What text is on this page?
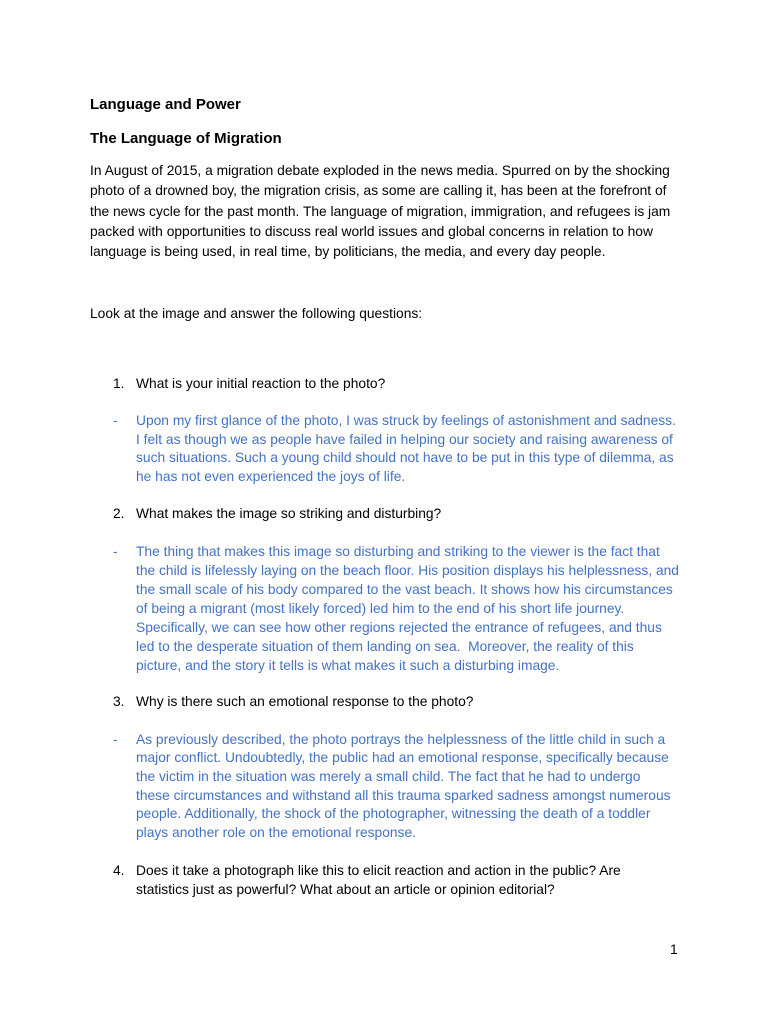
Language and Power
The Language of Migration
In August of 2015, a migration debate exploded in the news media. Spurred on by the shocking
photo of a drowned boy, the migration crisis, as some are calling it, has been at the forefront of
the news cycle for the past month. The language of migration, immigration, and refugees is jam
packed with opportunities to discuss real world issues and global concerns in relation to how
language is being used, in real time, by politicians, the media, and every day people.
Look at the image and answer the following questions:
1. What is your initial reaction to the photo?
- Upon my first glance of the photo, I was struck by feelings of astonishment and sadness.
I felt as though we as people have failed in helping our society and raising awareness of
such situations. Such a young child should not have to be put in this type of dilemma, as
he has not even experienced the joys of life.
2. What makes the image so striking and disturbing?
- The thing that makes this image so disturbing and striking to the viewer is the fact that
the child is lifelessly laying on the beach floor. His position displays his helplessness, and
the small scale of his body compared to the vast beach. It shows how his circumstances
of being a migrant (most likely forced) led him to the end of his short life journey.
Specifically, we can see how other regions rejected the entrance of refugees, and thus
led to the desperate situation of them landing on sea.  Moreover, the reality of this
picture, and the story it tells is what makes it such a disturbing image.
3. Why is there such an emotional response to the photo?
- As previously described, the photo portrays the helplessness of the little child in such a
major conflict. Undoubtedly, the public had an emotional response, specifically because
the victim in the situation was merely a small child. The fact that he had to undergo
these circumstances and withstand all this trauma sparked sadness amongst numerous
people. Additionally, the shock of the photographer, witnessing the death of a toddler
plays another role on the emotional response.
4. Does it take a photograph like this to elicit reaction and action in the public? Are
statistics just as powerful? What about an article or opinion editorial?
1
